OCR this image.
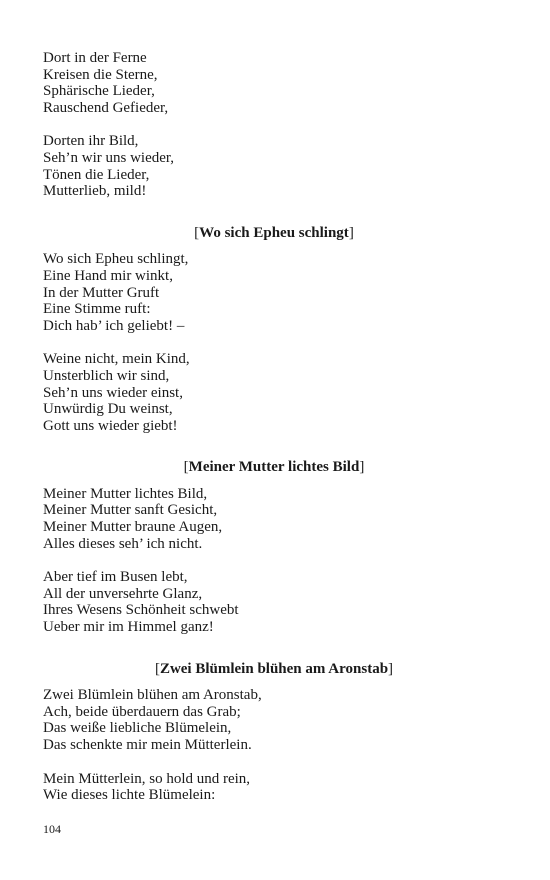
Dort in der Ferne
Kreisen die Sterne,
Sphärische Lieder,
Rauschend Gefieder,
Dorten ihr Bild,
Seh’n wir uns wieder,
Tönen die Lieder,
Mutterlieb, mild!
[Wo sich Epheu schlingt]
Wo sich Epheu schlingt,
Eine Hand mir winkt,
In der Mutter Gruft
Eine Stimme ruft:
Dich hab’ ich geliebt! –
Weine nicht, mein Kind,
Unsterblich wir sind,
Seh’n uns wieder einst,
Unwürdig Du weinst,
Gott uns wieder giebt!
[Meiner Mutter lichtes Bild]
Meiner Mutter lichtes Bild,
Meiner Mutter sanft Gesicht,
Meiner Mutter braune Augen,
Alles dieses seh’ ich nicht.
Aber tief im Busen lebt,
All der unversehrte Glanz,
Ihres Wesens Schönheit schwebt
Ueber mir im Himmel ganz!
[Zwei Blümlein blühen am Aronstab]
Zwei Blümlein blühen am Aronstab,
Ach, beide überdauern das Grab;
Das weiße liebliche Blümelein,
Das schenkte mir mein Mütterlein.
Mein Mütterlein, so hold und rein,
Wie dieses lichte Blümelein:
104
